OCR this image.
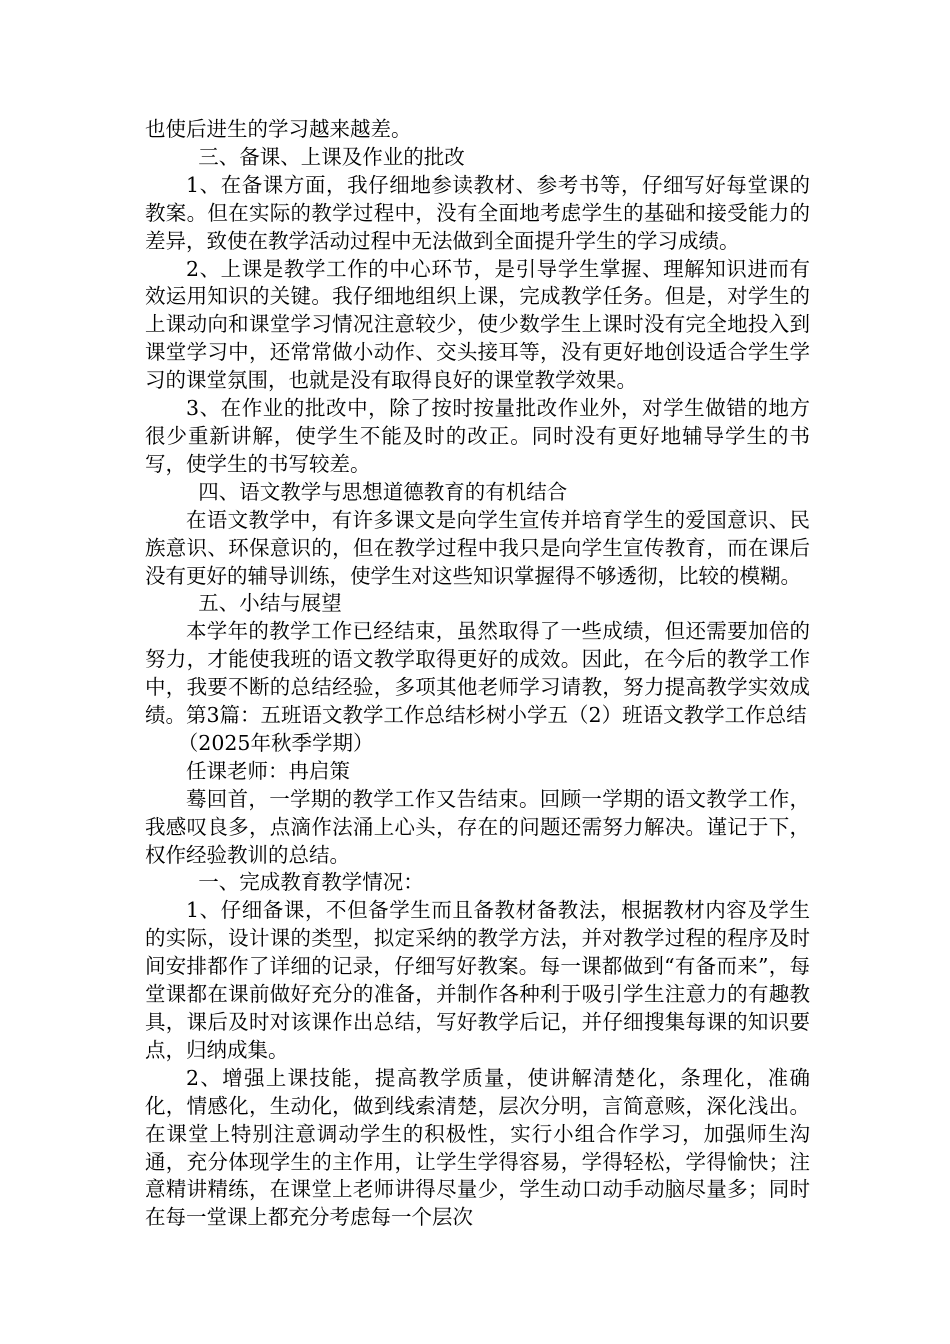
也使后进生的学习越来越差。

三、备课、上课及作业的批改

1、在备课方面，我仔细地参读教材、参考书等，仔细写好每堂课的教案。但在实际的教学过程中，没有全面地考虑学生的基础和接受能力的差异，致使在教学活动过程中无法做到全面提升学生的学习成绩。

2、上课是教学工作的中心环节，是引导学生掌握、理解知识进而有效运用知识的关键。我仔细地组织上课，完成教学任务。但是，对学生的上课动向和课堂学习情况注意较少，使少数学生上课时没有完全地投入到课堂学习中，还常常做小动作、交头接耳等，没有更好地创设适合学生学习的课堂氛围，也就是没有取得良好的课堂教学效果。

3、在作业的批改中，除了按时按量批改作业外，对学生做错的地方很少重新讲解，使学生不能及时的改正。同时没有更好地辅导学生的书写，使学生的书写较差。

四、语文教学与思想道德教育的有机结合

在语文教学中，有许多课文是向学生宣传并培育学生的爱国意识、民族意识、环保意识的，但在教学过程中我只是向学生宣传教育，而在课后没有更好的辅导训练，使学生对这些知识掌握得不够透彻，比较的模糊。

五、小结与展望

本学年的教学工作已经结束，虽然取得了一些成绩，但还需要加倍的努力，才能使我班的语文教学取得更好的成效。因此，在今后的教学工作中，我要不断的总结经验，多项其他老师学习请教，努力提高教学实效成绩。第3篇：五班语文教学工作总结杉树小学五（2）班语文教学工作总结

（2025年秋季学期）

任课老师：冉启策

蓦回首，一学期的教学工作又告结束。回顾一学期的语文教学工作，我感叹良多，点滴作法涌上心头，存在的问题还需努力解决。谨记于下，权作经验教训的总结。

一、完成教育教学情况：

1、仔细备课，不但备学生而且备教材备教法，根据教材内容及学生的实际，设计课的类型，拟定采纳的教学方法，并对教学过程的程序及时间安排都作了详细的记录，仔细写好教案。每一课都做到“有备而来”，每堂课都在课前做好充分的准备，并制作各种利于吸引学生注意力的有趣教具，课后及时对该课作出总结，写好教学后记，并仔细搜集每课的知识要点，归纳成集。

2、增强上课技能，提高教学质量，使讲解清楚化，条理化，准确化，情感化，生动化，做到线索清楚，层次分明，言简意赅，深化浅出。在课堂上特别注意调动学生的积极性，实行小组合作学习，加强师生沟通，充分体现学生的主作用，让学生学得容易，学得轻松，学得愉快；注意精讲精练，在课堂上老师讲得尽量少，学生动口动手动脑尽量多；同时在每一堂课上都充分考虑每一个层次
